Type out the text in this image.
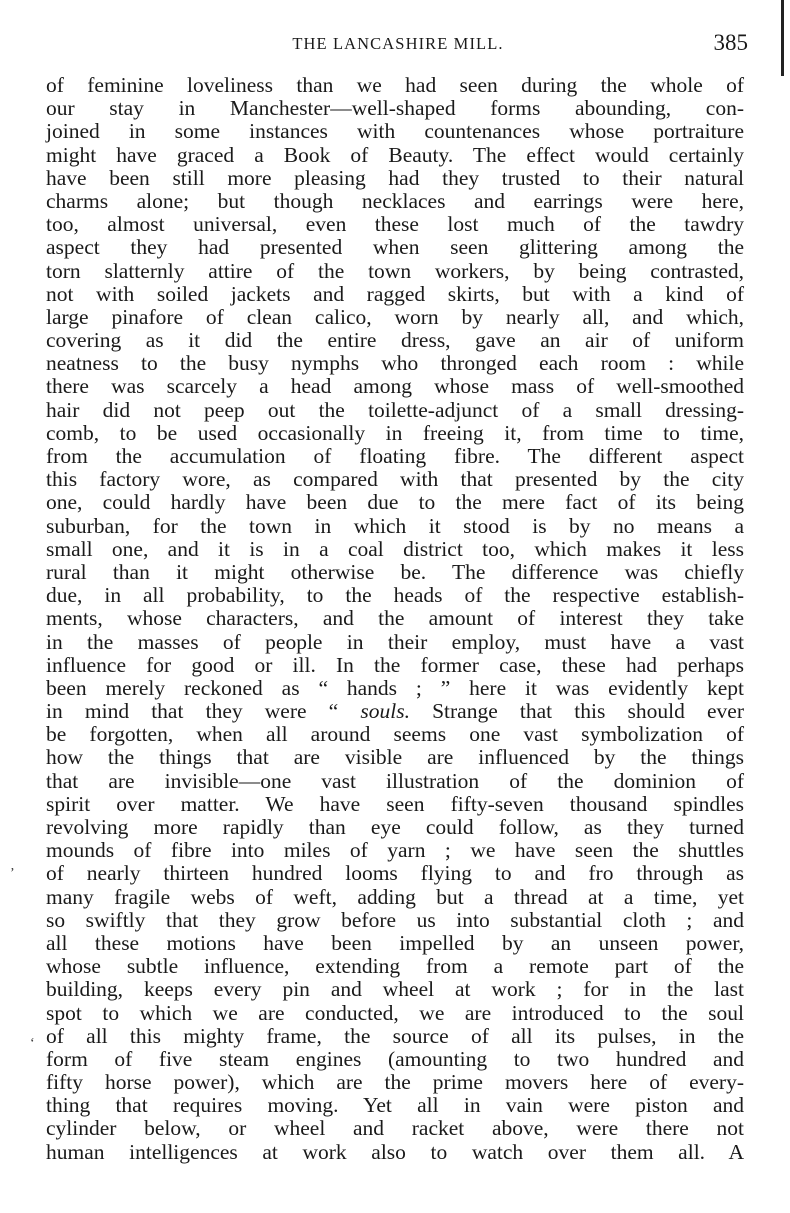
THE LANCASHIRE MILL.	385
of feminine loveliness than we had seen during the whole of
our stay in Manchester—well-shaped forms abounding, con-
joined in some instances with countenances whose portraiture
might have graced a Book of Beauty. The effect would certainly
have been still more pleasing had they trusted to their natural
charms alone; but though necklaces and earrings were here,
too, almost universal, even these lost much of the tawdry
aspect they had presented when seen glittering among the
torn slatternly attire of the town workers, by being contrasted,
not with soiled jackets and ragged skirts, but with a kind of
large pinafore of clean calico, worn by nearly all, and which,
covering as it did the entire dress, gave an air of uniform
neatness to the busy nymphs who thronged each room : while
there was scarcely a head among whose mass of well-smoothed
hair did not peep out the toilette-adjunct of a small dressing-
comb, to be used occasionally in freeing it, from time to time,
from the accumulation of floating fibre. The different aspect
this factory wore, as compared with that presented by the city
one, could hardly have been due to the mere fact of its being
suburban, for the town in which it stood is by no means a
small one, and it is in a coal district too, which makes it less
rural than it might otherwise be. The difference was chiefly
due, in all probability, to the heads of the respective establish-
ments, whose characters, and the amount of interest they take
in the masses of people in their employ, must have a vast
influence for good or ill. In the former case, these had perhaps
been merely reckoned as “ hands ; ” here it was evidently kept
in mind that they were “ souls. Strange that this should ever
be forgotten, when all around seems one vast symbolization of
how the things that are visible are influenced by the things
that are invisible—one vast illustration of the dominion of
spirit over matter. We have seen fifty-seven thousand spindles
revolving more rapidly than eye could follow, as they turned
mounds of fibre into miles of yarn ; we have seen the shuttles
of nearly thirteen hundred looms flying to and fro through as
many fragile webs of weft, adding but a thread at a time, yet
so swiftly that they grow before us into substantial cloth ; and
all these motions have been impelled by an unseen power,
whose subtle influence, extending from a remote part of the
building, keeps every pin and wheel at work ; for in the last
spot to which we are conducted, we are introduced to the soul
of all this mighty frame, the source of all its pulses, in the
form of five steam engines (amounting to two hundred and
fifty horse power), which are the prime movers here of every-
thing that requires moving. Yet all in vain were piston and
cylinder below, or wheel and racket above, were there not
human intelligences at work also to watch over them all. A
’
‘
